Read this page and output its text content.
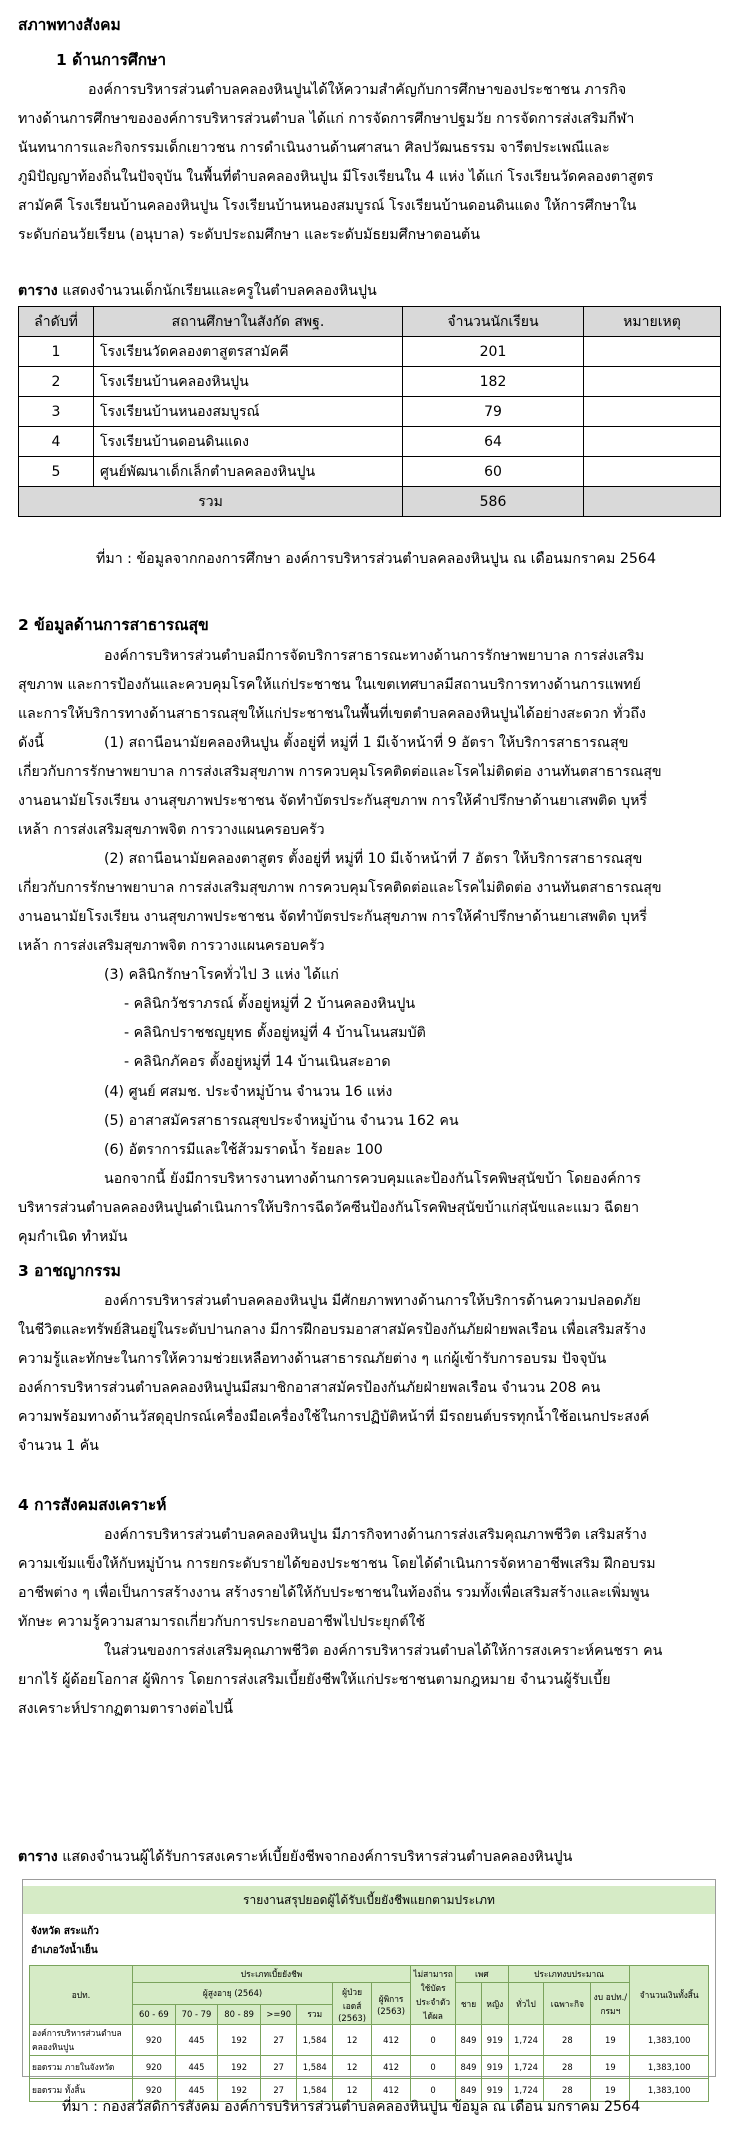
สภาพทางสังคม
1 ด้านการศึกษา
องค์การบริหารส่วนตำบลคลองหินปูนได้ให้ความสำคัญกับการศึกษาของประชาชน ภารกิจ
ทางด้านการศึกษาขององค์การบริหารส่วนตำบล ได้แก่ การจัดการศึกษาปฐมวัย การจัดการส่งเสริมกีฬา
นันทนาการและกิจกรรมเด็กเยาวชน การดำเนินงานด้านศาสนา ศิลปวัฒนธรรม จารีตประเพณีและ
ภูมิปัญญาท้องถิ่นในปัจจุบัน ในพื้นที่ตำบลคลองหินปูน มีโรงเรียนใน 4 แห่ง ได้แก่ โรงเรียนวัดคลองตาสูตร
สามัคคี โรงเรียนบ้านคลองหินปูน โรงเรียนบ้านหนองสมบูรณ์ โรงเรียนบ้านดอนดินแดง ให้การศึกษาใน
ระดับก่อนวัยเรียน (อนุบาล) ระดับประถมศึกษา และระดับมัธยมศึกษาตอนต้น
ตาราง แสดงจำนวนเด็กนักเรียนและครูในตำบลคลองหินปูน
ลำดับที่	สถานศึกษาในสังกัด สพฐ.	จำนวนนักเรียน	หมายเหตุ
1	โรงเรียนวัดคลองตาสูตรสามัคคี	201	
2	โรงเรียนบ้านคลองหินปูน	182	
3	โรงเรียนบ้านหนองสมบูรณ์	79	
4	โรงเรียนบ้านดอนดินแดง	64	
5	ศูนย์พัฒนาเด็กเล็กตำบลคลองหินปูน	60	
รวม		586	
ที่มา : ข้อมูลจากกองการศึกษา องค์การบริหารส่วนตำบลคลองหินปูน ณ เดือนมกราคม 2564
2 ข้อมูลด้านการสาธารณสุข
องค์การบริหารส่วนตำบลมีการจัดบริการสาธารณะทางด้านการรักษาพยาบาล การส่งเสริม
สุขภาพ และการป้องกันและควบคุมโรคให้แก่ประชาชน ในเขตเทศบาลมีสถานบริการทางด้านการแพทย์
และการให้บริการทางด้านสาธารณสุขให้แก่ประชาชนในพื้นที่เขตตำบลคลองหินปูนได้อย่างสะดวก ทั่วถึง
ดังนี้	(1) สถานีอนามัยคลองหินปูน ตั้งอยู่ที่ หมู่ที่ 1 มีเจ้าหน้าที่ 9 อัตรา ให้บริการสาธารณสุข
เกี่ยวกับการรักษาพยาบาล การส่งเสริมสุขภาพ การควบคุมโรคติดต่อและโรคไม่ติดต่อ งานทันตสาธารณสุข
งานอนามัยโรงเรียน งานสุขภาพประชาชน จัดทำบัตรประกันสุขภาพ การให้คำปรึกษาด้านยาเสพติด บุหรี่
เหล้า การส่งเสริมสุขภาพจิต การวางแผนครอบครัว
(2) สถานีอนามัยคลองตาสูตร ตั้งอยู่ที่ หมู่ที่ 10 มีเจ้าหน้าที่ 7 อัตรา ให้บริการสาธารณสุข
เกี่ยวกับการรักษาพยาบาล การส่งเสริมสุขภาพ การควบคุมโรคติดต่อและโรคไม่ติดต่อ งานทันตสาธารณสุข
งานอนามัยโรงเรียน งานสุขภาพประชาชน จัดทำบัตรประกันสุขภาพ การให้คำปรึกษาด้านยาเสพติด บุหรี่
เหล้า การส่งเสริมสุขภาพจิต การวางแผนครอบครัว
(3) คลินิกรักษาโรคทั่วไป 3 แห่ง ได้แก่
- คลินิกวัชราภรณ์ ตั้งอยู่หมู่ที่ 2 บ้านคลองหินปูน
- คลินิกปราชชญยุทธ ตั้งอยู่หมู่ที่ 4 บ้านโนนสมบัติ
- คลินิกภัคอร ตั้งอยู่หมู่ที่ 14 บ้านเนินสะอาด
(4) ศูนย์ ศสมช. ประจำหมู่บ้าน จำนวน 16 แห่ง
(5) อาสาสมัครสาธารณสุขประจำหมู่บ้าน จำนวน 162 คน
(6) อัตราการมีและใช้ส้วมราดน้ำ ร้อยละ 100
นอกจากนี้ ยังมีการบริหารงานทางด้านการควบคุมและป้องกันโรคพิษสุนัขบ้า โดยองค์การ
บริหารส่วนตำบลคลองหินปูนดำเนินการให้บริการฉีดวัคซีนป้องกันโรคพิษสุนัขบ้าแก่สุนัขและแมว ฉีดยา
คุมกำเนิด ทำหมัน
3 อาชญากรรม
องค์การบริหารส่วนตำบลคลองหินปูน มีศักยภาพทางด้านการให้บริการด้านความปลอดภัย
ในชีวิตและทรัพย์สินอยู่ในระดับปานกลาง มีการฝึกอบรมอาสาสมัครป้องกันภัยฝ่ายพลเรือน เพื่อเสริมสร้าง
ความรู้และทักษะในการให้ความช่วยเหลือทางด้านสาธารณภัยต่าง ๆ แก่ผู้เข้ารับการอบรม ปัจจุบัน
องค์การบริหารส่วนตำบลคลองหินปูนมีสมาชิกอาสาสมัครป้องกันภัยฝ่ายพลเรือน จำนวน 208 คน
ความพร้อมทางด้านวัสดุอุปกรณ์เครื่องมือเครื่องใช้ในการปฏิบัติหน้าที่ มีรถยนต์บรรทุกน้ำใช้อเนกประสงค์
จำนวน 1 คัน
4 การสังคมสงเคราะห์
องค์การบริหารส่วนตำบลคลองหินปูน มีภารกิจทางด้านการส่งเสริมคุณภาพชีวิต เสริมสร้าง
ความเข้มแข็งให้กับหมู่บ้าน การยกระดับรายได้ของประชาชน โดยได้ดำเนินการจัดหาอาชีพเสริม ฝึกอบรม
อาชีพต่าง ๆ เพื่อเป็นการสร้างงาน สร้างรายได้ให้กับประชาชนในท้องถิ่น รวมทั้งเพื่อเสริมสร้างและเพิ่มพูน
ทักษะ ความรู้ความสามารถเกี่ยวกับการประกอบอาชีพไปประยุกต์ใช้
ในส่วนของการส่งเสริมคุณภาพชีวิต องค์การบริหารส่วนตำบลได้ให้การสงเคราะห์คนชรา คน
ยากไร้ ผู้ด้อยโอกาส ผู้พิการ โดยการส่งเสริมเบี้ยยังชีพให้แก่ประชาชนตามกฎหมาย จำนวนผู้รับเบี้ย
สงเคราะห์ปรากฏตามตารางต่อไปนี้
ตาราง แสดงจำนวนผู้ได้รับการสงเคราะห์เบี้ยยังชีพจากองค์การบริหารส่วนตำบลคลองหินปูน
รายงานสรุปยอดผู้ได้รับเบี้ยยังชีพแยกตามประเภท
จังหวัด สระแก้ว
อำเภอวังน้ำเย็น
อปท.	ประเภทเบี้ยยังชีพ							ไม่สามารถใช้บัตรประจำตัวได้ผล	เพศ		ประเภทงบประมาณ			จำนวนเงินทั้งสิ้น
	ผู้สูงอายุ (2564)					ผู้ป่วยเอดส์ (2563)	ผู้พิการ (2563)		ชาย	หญิง	ทั่วไป	เฉพาะกิจ	งบ อปท./กรมฯ	
	60 - 69	70 - 79	80 - 89	>=90	รวม									
องค์การบริหารส่วนตำบลคลองหินปูน	920	445	192	27	1,584	12	412	0	849	919	1,724	28	19	1,383,100
ยอดรวม ภายในจังหวัด	920	445	192	27	1,584	12	412	0	849	919	1,724	28	19	1,383,100
ยอดรวม ทั้งสิ้น	920	445	192	27	1,584	12	412	0	849	919	1,724	28	19	1,383,100
ที่มา : กองสวัสดิการสังคม องค์การบริหารส่วนตำบลคลองหินปูน ข้อมูล ณ เดือน มกราคม 2564
